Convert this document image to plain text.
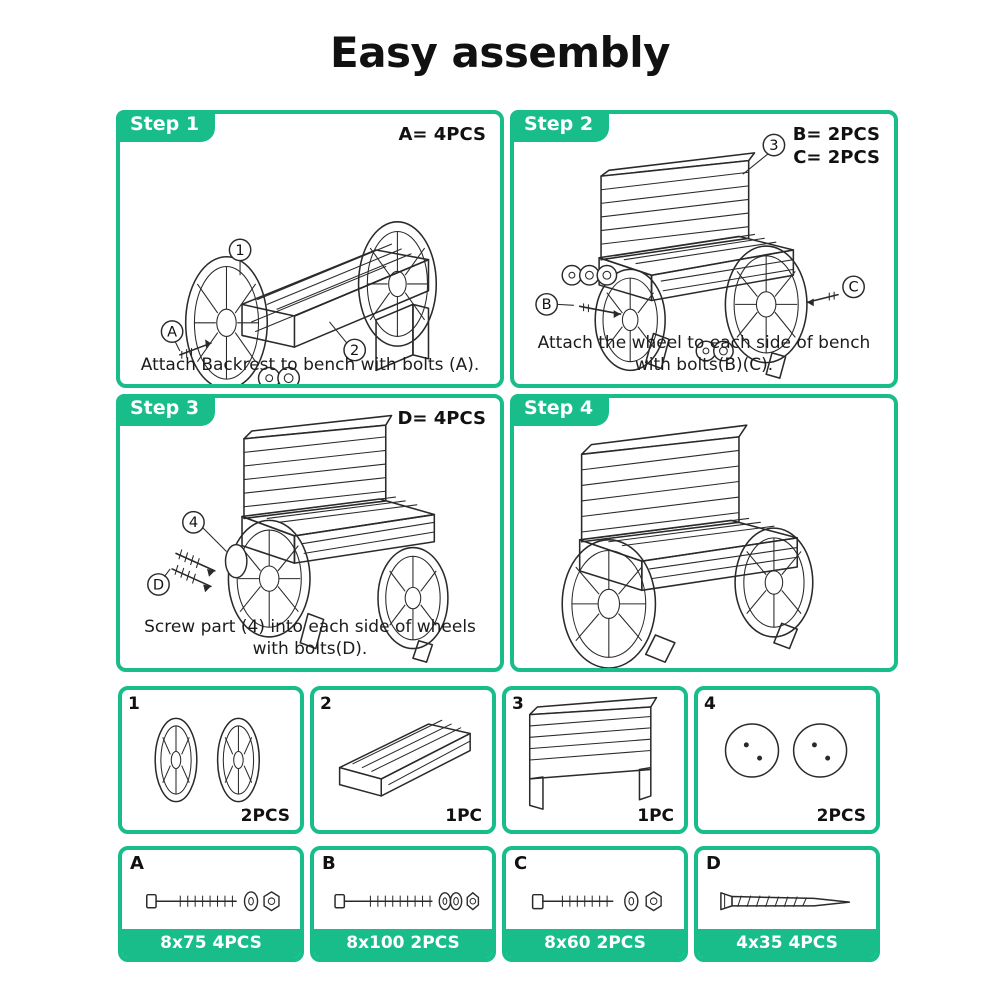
Easy assembly
Step 1	A= 4PCS
1
2
A
Attach Backrest to bench with bolts (A).
Step 2	B= 2PCS
C= 2PCS
B
C
3
Attach the wheel to each side of bench with bolts(B)(C).
Step 3	D= 4PCS
4
D
Screw part (4) into each side of wheels with bolts(D).
Step 4
1
2PCS
2
1PC
3
1PC
4
2PCS
A
8x75 4PCS
B
8x100 2PCS
C
8x60 2PCS
D
4x35 4PCS
